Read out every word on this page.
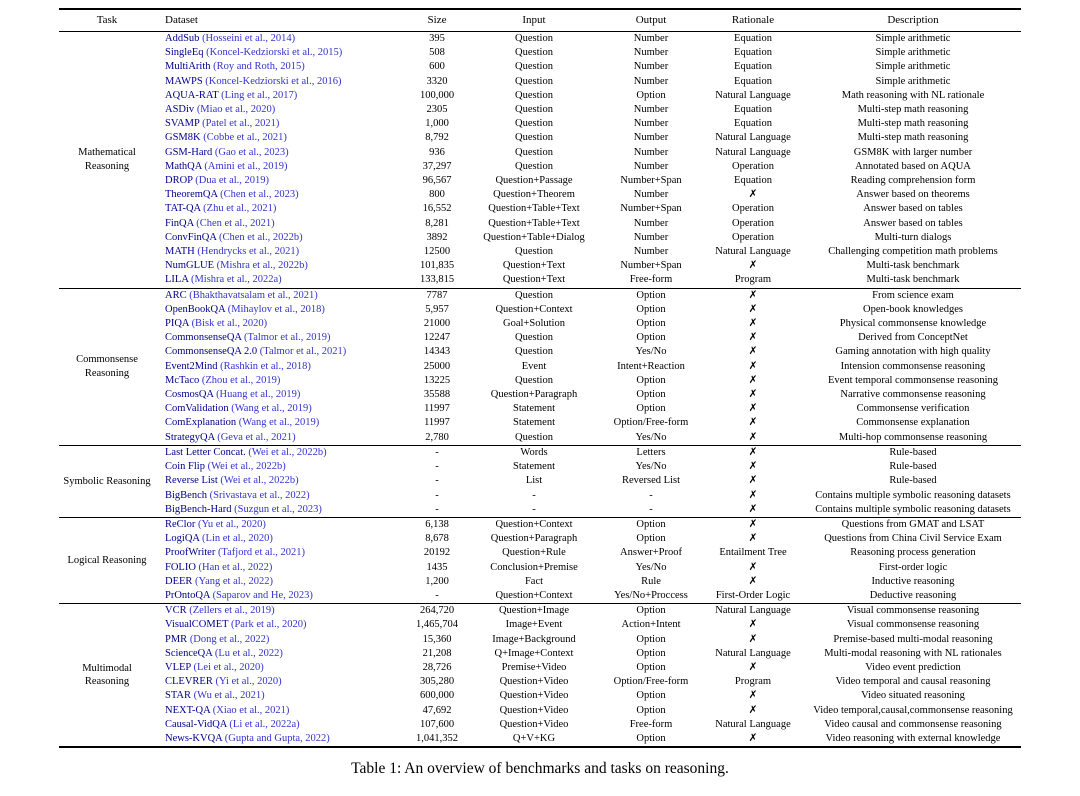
Task	Dataset	Size	Input	Output	Rationale	Description
Mathematical Reasoning	AddSub (Hosseini et al., 2014)	395	Question	Number	Equation	Simple arithmetic
	SingleEq (Koncel-Kedziorski et al., 2015)	508	Question	Number	Equation	Simple arithmetic
	MultiArith (Roy and Roth, 2015)	600	Question	Number	Equation	Simple arithmetic
	MAWPS (Koncel-Kedziorski et al., 2016)	3320	Question	Number	Equation	Simple arithmetic
	AQUA-RAT (Ling et al., 2017)	100,000	Question	Option	Natural Language	Math reasoning with NL rationale
	ASDiv (Miao et al., 2020)	2305	Question	Number	Equation	Multi-step math reasoning
	SVAMP (Patel et al., 2021)	1,000	Question	Number	Equation	Multi-step math reasoning
	GSM8K (Cobbe et al., 2021)	8,792	Question	Number	Natural Language	Multi-step math reasoning
	GSM-Hard (Gao et al., 2023)	936	Question	Number	Natural Language	GSM8K with larger number
	MathQA (Amini et al., 2019)	37,297	Question	Number	Operation	Annotated based on AQUA
	DROP (Dua et al., 2019)	96,567	Question+Passage	Number+Span	Equation	Reading comprehension form
	TheoremQA (Chen et al., 2023)	800	Question+Theorem	Number	✗	Answer based on theorems
	TAT-QA (Zhu et al., 2021)	16,552	Question+Table+Text	Number+Span	Operation	Answer based on tables
	FinQA (Chen et al., 2021)	8,281	Question+Table+Text	Number	Operation	Answer based on tables
	ConvFinQA (Chen et al., 2022b)	3892	Question+Table+Dialog	Number	Operation	Multi-turn dialogs
	MATH (Hendrycks et al., 2021)	12500	Question	Number	Natural Language	Challenging competition math problems
	NumGLUE (Mishra et al., 2022b)	101,835	Question+Text	Number+Span	✗	Multi-task benchmark
	LILA (Mishra et al., 2022a)	133,815	Question+Text	Free-form	Program	Multi-task benchmark
Commonsense Reasoning	ARC (Bhakthavatsalam et al., 2021)	7787	Question	Option	✗	From science exam
	OpenBookQA (Mihaylov et al., 2018)	5,957	Question+Context	Option	✗	Open-book knowledges
	PIQA (Bisk et al., 2020)	21000	Goal+Solution	Option	✗	Physical commonsense knowledge
	CommonsenseQA (Talmor et al., 2019)	12247	Question	Option	✗	Derived from ConceptNet
	CommonsenseQA 2.0 (Talmor et al., 2021)	14343	Question	Yes/No	✗	Gaming annotation with high quality
	Event2Mind (Rashkin et al., 2018)	25000	Event	Intent+Reaction	✗	Intension commonsense reasoning
	McTaco (Zhou et al., 2019)	13225	Question	Option	✗	Event temporal commonsense reasoning
	CosmosQA (Huang et al., 2019)	35588	Question+Paragraph	Option	✗	Narrative commonsense reasoning
	ComValidation (Wang et al., 2019)	11997	Statement	Option	✗	Commonsense verification
	ComExplanation (Wang et al., 2019)	11997	Statement	Option/Free-form	✗	Commonsense explanation
	StrategyQA (Geva et al., 2021)	2,780	Question	Yes/No	✗	Multi-hop commonsense reasoning
Symbolic Reasoning	Last Letter Concat. (Wei et al., 2022b)	-	Words	Letters	✗	Rule-based
	Coin Flip (Wei et al., 2022b)	-	Statement	Yes/No	✗	Rule-based
	Reverse List (Wei et al., 2022b)	-	List	Reversed List	✗	Rule-based
	BigBench (Srivastava et al., 2022)	-	-	-	✗	Contains multiple symbolic reasoning datasets
	BigBench-Hard (Suzgun et al., 2023)	-	-	-	✗	Contains multiple symbolic reasoning datasets
Logical Reasoning	ReClor (Yu et al., 2020)	6,138	Question+Context	Option	✗	Questions from GMAT and LSAT
	LogiQA (Lin et al., 2020)	8,678	Question+Paragraph	Option	✗	Questions from China Civil Service Exam
	ProofWriter (Tafjord et al., 2021)	20192	Question+Rule	Answer+Proof	Entailment Tree	Reasoning process generation
	FOLIO (Han et al., 2022)	1435	Conclusion+Premise	Yes/No	✗	First-order logic
	DEER (Yang et al., 2022)	1,200	Fact	Rule	✗	Inductive reasoning
	PrOntoQA (Saparov and He, 2023)	-	Question+Context	Yes/No+Proccess	First-Order Logic	Deductive reasoning
Multimodal Reasoning	VCR (Zellers et al., 2019)	264,720	Question+Image	Option	Natural Language	Visual commonsense reasoning
	VisualCOMET (Park et al., 2020)	1,465,704	Image+Event	Action+Intent	✗	Visual commonsense reasoning
	PMR (Dong et al., 2022)	15,360	Image+Background	Option	✗	Premise-based multi-modal reasoning
	ScienceQA (Lu et al., 2022)	21,208	Q+Image+Context	Option	Natural Language	Multi-modal reasoning with NL rationales
	VLEP (Lei et al., 2020)	28,726	Premise+Video	Option	✗	Video event prediction
	CLEVRER (Yi et al., 2020)	305,280	Question+Video	Option/Free-form	Program	Video temporal and causal reasoning
	STAR (Wu et al., 2021)	600,000	Question+Video	Option	✗	Video situated reasoning
	NEXT-QA (Xiao et al., 2021)	47,692	Question+Video	Option	✗	Video temporal,causal,commonsense reasoning
	Causal-VidQA (Li et al., 2022a)	107,600	Question+Video	Free-form	Natural Language	Video causal and commonsense reasoning
	News-KVQA (Gupta and Gupta, 2022)	1,041,352	Q+V+KG	Option	✗	Video reasoning with external knowledge
Table 1: An overview of benchmarks and tasks on reasoning.
